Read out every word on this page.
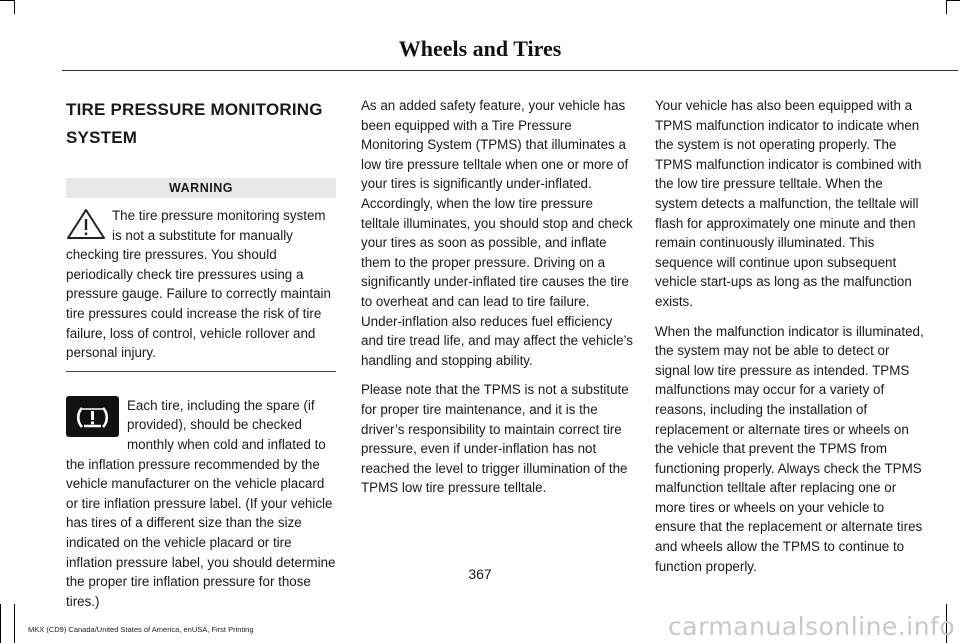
Wheels and Tires
TIRE PRESSURE MONITORING
SYSTEM
WARNING
The tire pressure monitoring system is not a substitute for manually checking tire pressures. You should periodically check tire pressures using a pressure gauge. Failure to correctly maintain tire pressures could increase the risk of tire failure, loss of control, vehicle rollover and personal injury.
Each tire, including the spare (if provided), should be checked monthly when cold and inflated to the inflation pressure recommended by the vehicle manufacturer on the vehicle placard or tire inflation pressure label. (If your vehicle has tires of a different size than the size indicated on the vehicle placard or tire inflation pressure label, you should determine the proper tire inflation pressure for those tires.)

As an added safety feature, your vehicle has been equipped with a Tire Pressure Monitoring System (TPMS) that illuminates a low tire pressure telltale when one or more of your tires is significantly under-inflated. Accordingly, when the low tire pressure telltale illuminates, you should stop and check your tires as soon as possible, and inflate them to the proper pressure. Driving on a significantly under-inflated tire causes the tire to overheat and can lead to tire failure. Under-inflation also reduces fuel efficiency and tire tread life, and may affect the vehicle’s handling and stopping ability.

Please note that the TPMS is not a substitute for proper tire maintenance, and it is the driver’s responsibility to maintain correct tire pressure, even if under-inflation has not reached the level to trigger illumination of the TPMS low tire pressure telltale.

Your vehicle has also been equipped with a TPMS malfunction indicator to indicate when the system is not operating properly. The TPMS malfunction indicator is combined with the low tire pressure telltale. When the system detects a malfunction, the telltale will flash for approximately one minute and then remain continuously illuminated. This sequence will continue upon subsequent vehicle start-ups as long as the malfunction exists.

When the malfunction indicator is illuminated, the system may not be able to detect or signal low tire pressure as intended. TPMS malfunctions may occur for a variety of reasons, including the installation of replacement or alternate tires or wheels on the vehicle that prevent the TPMS from functioning properly. Always check the TPMS malfunction telltale after replacing one or more tires or wheels on your vehicle to ensure that the replacement or alternate tires and wheels allow the TPMS to continue to function properly.

367
MKX (CD9) Canada/United States of America, enUSA, First Printing	carmanualsonline.info
